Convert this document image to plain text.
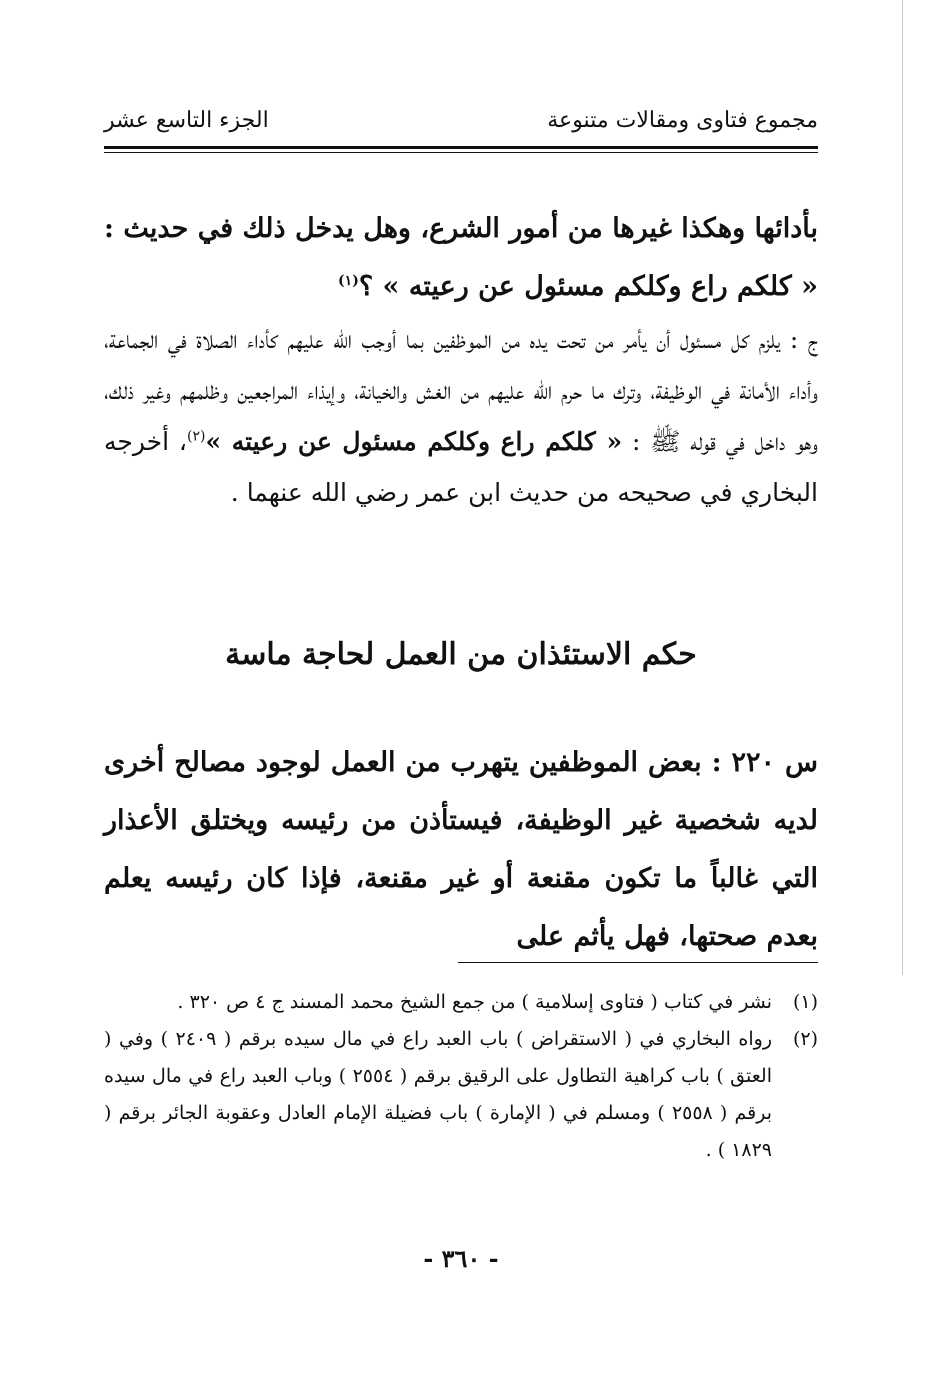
مجموع فتاوى ومقالات متنوعة
الجزء التاسع عشر
بأدائها وهكذا غيرها من أمور الشرع، وهل يدخل ذلك في حديث : « كلكم راع وكلكم مسئول عن رعيته » ؟$^{(١)}$
ج : يلزم كل مسئول أن يأمر من تحت يده من الموظفين بما أوجب الله عليهم كأداء الصلاة في الجماعة، وأداء الأمانة في الوظيفة، وترك ما حرم الله عليهم من الغش والخيانة، وإيذاء المراجعين وظلمهم وغير ذلك، وهو داخل في قوله ﷺ : « كلكم راع وكلكم مسئول عن رعيته »$^{(٢)}$، أخرجه البخاري في صحيحه من حديث ابن عمر رضي الله عنهما .
حكم الاستئذان من العمل لحاجة ماسة
س ٢٢٠ : بعض الموظفين يتهرب من العمل لوجود مصالح أخرى لديه شخصية غير الوظيفة، فيستأذن من رئيسه ويختلق الأعذار التي غالباً ما تكون مقنعة أو غير مقنعة، فإذا كان رئيسه يعلم بعدم صحتها، فهل يأثم على
(١)
نشر في كتاب ( فتاوى إسلامية ) من جمع الشيخ محمد المسند ج ٤ ص ٣٢٠ .
(٢)
رواه البخاري في ( الاستقراض ) باب العبد راع في مال سيده برقم ( ٢٤٠٩ ) وفي ( العتق ) باب كراهية التطاول على الرقيق برقم ( ٢٥٥٤ ) وباب العبد راع في مال سيده برقم ( ٢٥٥٨ ) ومسلم في ( الإمارة ) باب فضيلة الإمام العادل وعقوبة الجائر برقم ( ١٨٢٩ ) .
- ٣٦٠ -
